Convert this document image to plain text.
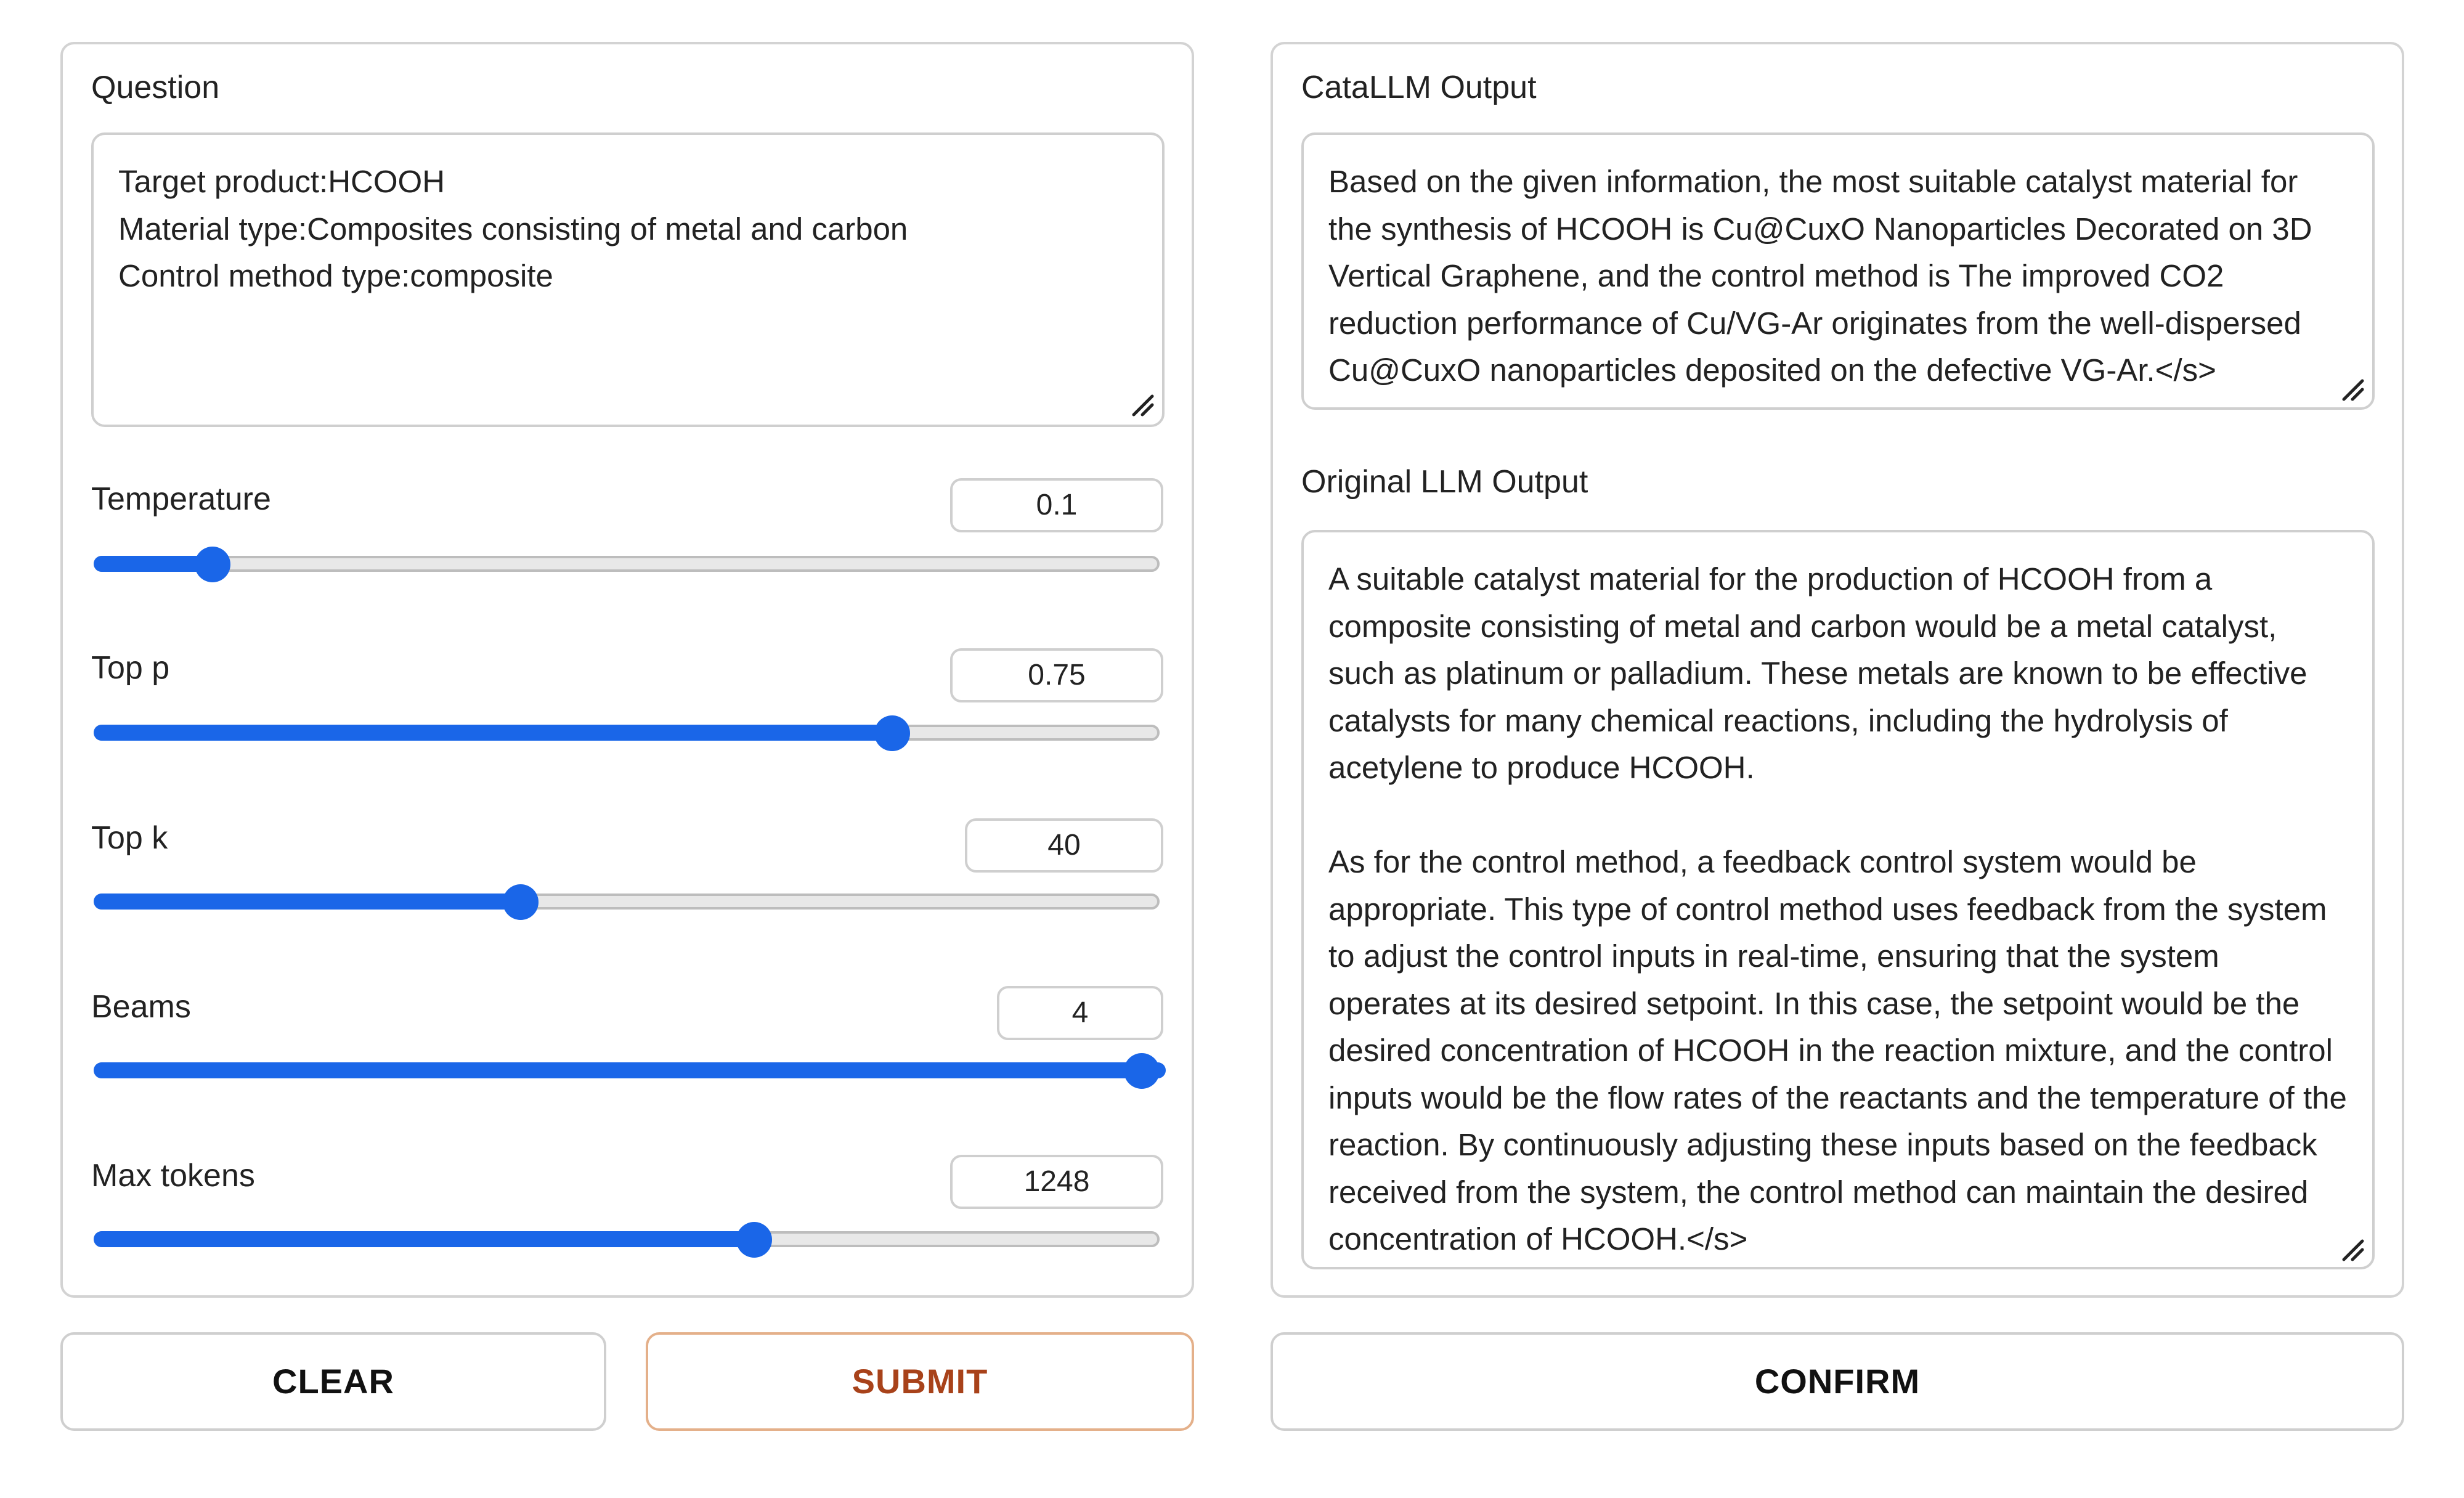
Question
Target product:HCOOH
Material type:Composites consisting of metal and carbon
Control method type:composite
Temperature	0.1
Top p	0.75
Top k	40
Beams	4
Max tokens	1248
CataLLM Output
Based on the given information, the most suitable catalyst material for the synthesis of HCOOH is Cu@CuxO Nanoparticles Decorated on 3D Vertical Graphene, and the control method is The improved CO2 reduction performance of Cu/VG-Ar originates from the well-dispersed Cu@CuxO nanoparticles deposited on the defective VG-Ar.</s>
Original LLM Output
A suitable catalyst material for the production of HCOOH from a composite consisting of metal and carbon would be a metal catalyst, such as platinum or palladium. These metals are known to be effective catalysts for many chemical reactions, including the hydrolysis of acetylene to produce HCOOH.

As for the control method, a feedback control system would be appropriate. This type of control method uses feedback from the system to adjust the control inputs in real-time, ensuring that the system operates at its desired setpoint. In this case, the setpoint would be the desired concentration of HCOOH in the reaction mixture, and the control inputs would be the flow rates of the reactants and the temperature of the reaction. By continuously adjusting these inputs based on the feedback received from the system, the control method can maintain the desired concentration of HCOOH.</s>
CLEAR	SUBMIT	CONFIRM
